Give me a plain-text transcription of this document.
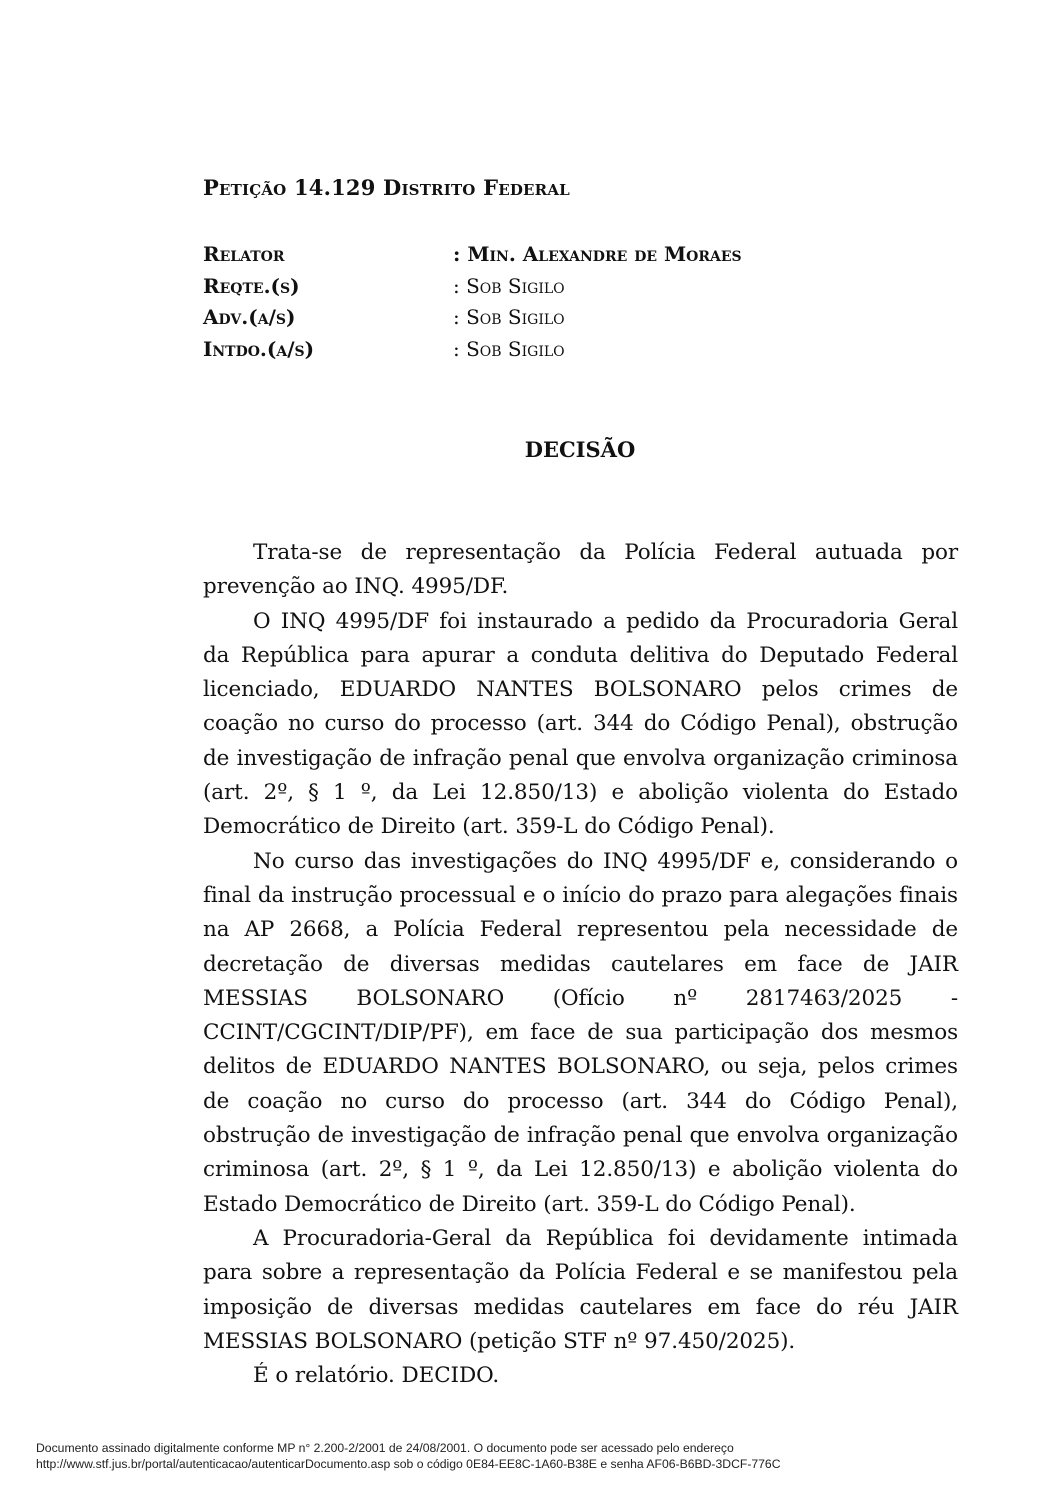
Petição 14.129 Distrito Federal
Relator	: Min. Alexandre de Moraes
Reqte.(s)	: Sob Sigilo
Adv.(a/s)	: Sob Sigilo
Intdo.(a/s)	: Sob Sigilo
DECISÃO

Trata-se de representação da Polícia Federal autuada por prevenção ao INQ. 4995/DF.

O INQ 4995/DF foi instaurado a pedido da Procuradoria Geral da República para apurar a conduta delitiva do Deputado Federal licenciado, EDUARDO NANTES BOLSONARO pelos crimes de coação no curso do processo (art. 344 do Código Penal), obstrução de investigação de infração penal que envolva organização criminosa (art. 2º, § 1 º, da Lei 12.850/13) e abolição violenta do Estado Democrático de Direito (art. 359-L do Código Penal).

No curso das investigações do INQ 4995/DF e, considerando o final da instrução processual e o início do prazo para alegações finais na AP 2668, a Polícia Federal representou pela necessidade de decretação de diversas medidas cautelares em face de JAIR MESSIAS BOLSONARO (Ofício nº 2817463/2025 - CCINT/CGCINT/DIP/PF), em face de sua participação dos mesmos delitos de EDUARDO NANTES BOLSONARO, ou seja, pelos crimes de coação no curso do processo (art. 344 do Código Penal), obstrução de investigação de infração penal que envolva organização criminosa (art. 2º, § 1 º, da Lei 12.850/13) e abolição violenta do Estado Democrático de Direito (art. 359-L do Código Penal).

A Procuradoria-Geral da República foi devidamente intimada para sobre a representação da Polícia Federal e se manifestou pela imposição de diversas medidas cautelares em face do réu JAIR MESSIAS BOLSONARO (petição STF nº 97.450/2025).

É o relatório. DECIDO.

Documento assinado digitalmente conforme MP n° 2.200-2/2001 de 24/08/2001. O documento pode ser acessado pelo endereço
http://www.stf.jus.br/portal/autenticacao/autenticarDocumento.asp sob o código 0E84-EE8C-1A60-B38E e senha AF06-B6BD-3DCF-776C
